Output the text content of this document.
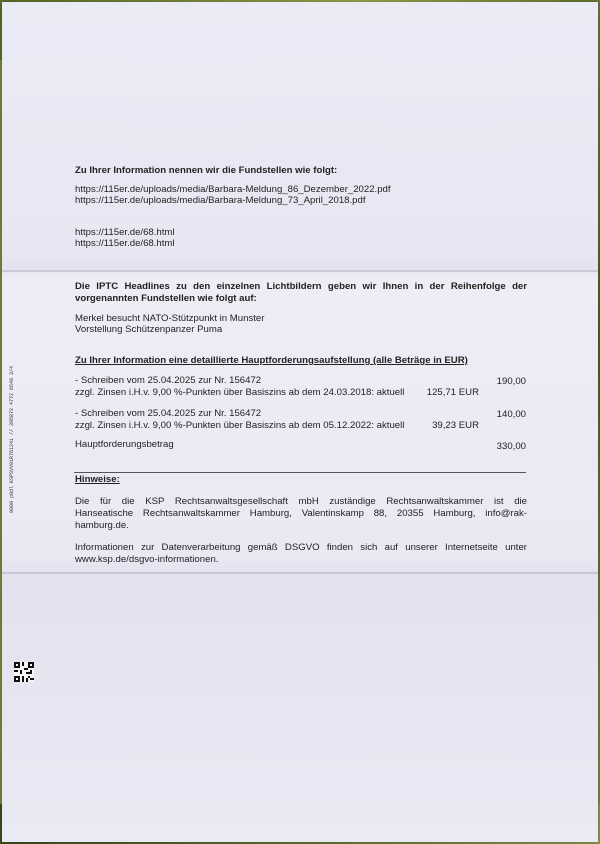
0000 p0dl KSPSVV01R761241 // 395872 4772 6540 3/4
Zu Ihrer Information nennen wir die Fundstellen wie folgt:
https://115er.de/uploads/media/Barbara-Meldung_86_Dezember_2022.pdf
https://115er.de/uploads/media/Barbara-Meldung_73_April_2018.pdf
https://115er.de/68.html
https://115er.de/68.html
Die IPTC Headlines zu den einzelnen Lichtbildern geben wir Ihnen in der Reihenfolge der
vorgenannten Fundstellen wie folgt auf:
Merkel besucht NATO-Stützpunkt in Munster
Vorstellung Schützenpanzer Puma
Zu Ihrer Information eine detaillierte Hauptforderungsaufstellung (alle Beträge in EUR)
- Schreiben vom 25.04.2025 zur Nr. 156472	190,00
zzgl. Zinsen i.H.v. 9,00 %-Punkten über Basiszins ab dem 24.03.2018: aktuell	125,71 EUR
- Schreiben vom 25.04.2025 zur Nr. 156472	140,00
zzgl. Zinsen i.H.v. 9,00 %-Punkten über Basiszins ab dem 05.12.2022: aktuell	39,23 EUR
Hauptforderungsbetrag	330,00
Hinweise:
Die für die KSP Rechtsanwaltsgesellschaft mbH zuständige Rechtsanwaltskammer ist die
Hanseatische Rechtsanwaltskammer Hamburg, Valentinskamp 88, 20355 Hamburg, info@rak-
hamburg.de.
Informationen zur Datenverarbeitung gemäß DSGVO finden sich auf unserer Internetseite unter
www.ksp.de/dsgvo-informationen.
